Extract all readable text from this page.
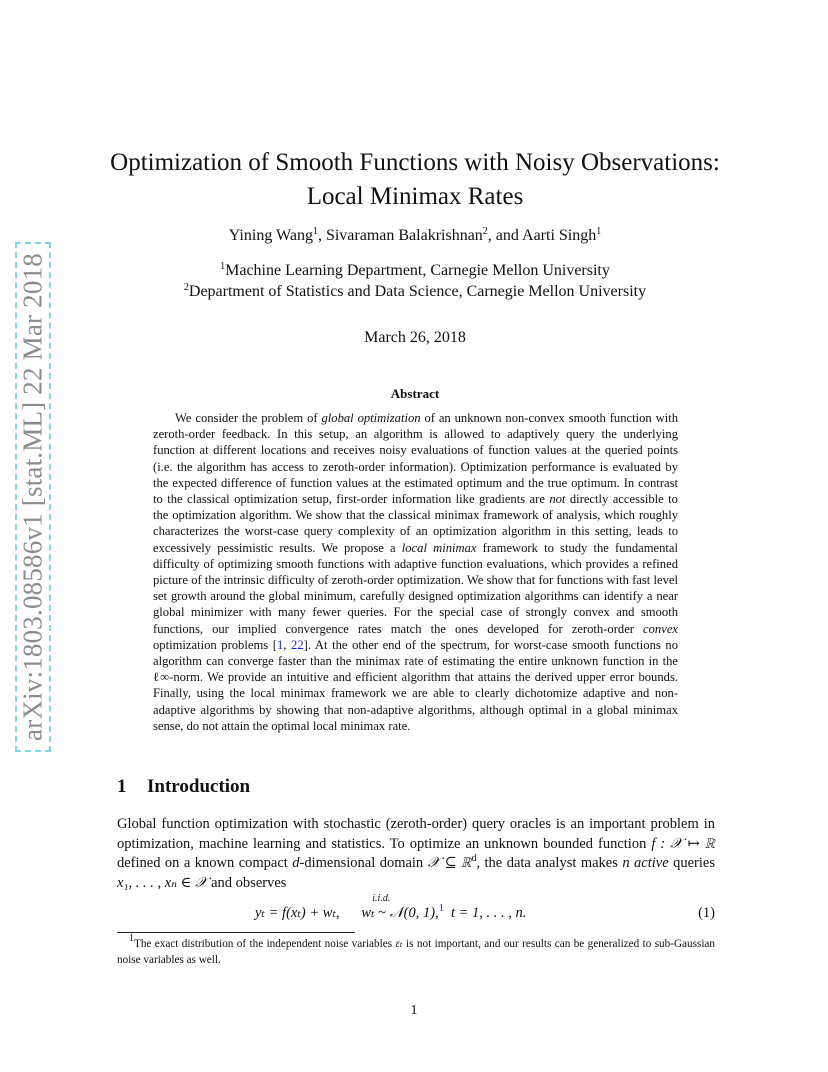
arXiv:1803.08586v1 [stat.ML] 22 Mar 2018
Optimization of Smooth Functions with Noisy Observations:
Local Minimax Rates
Yining Wang$^1$, Sivaraman Balakrishnan$^2$, and Aarti Singh$^1$
$^1$Machine Learning Department, Carnegie Mellon University
$^2$Department of Statistics and Data Science, Carnegie Mellon University
March 26, 2018
Abstract

We consider the problem of global optimization of an unknown non-convex smooth function with zeroth-order feedback. In this setup, an algorithm is allowed to adaptively query the underlying function at different locations and receives noisy evaluations of function values at the queried points (i.e. the algorithm has access to zeroth-order information). Optimization performance is evaluated by the expected difference of function values at the estimated optimum and the true optimum. In contrast to the classical optimization setup, first-order information like gradients are not directly accessible to the optimization algorithm. We show that the classical minimax framework of analysis, which roughly characterizes the worst-case query complexity of an optimization algorithm in this setting, leads to excessively pessimistic results. We propose a local minimax framework to study the fundamental difficulty of optimizing smooth functions with adaptive function evaluations, which provides a refined picture of the intrinsic difficulty of zeroth-order optimization. We show that for functions with fast level set growth around the global minimum, carefully designed optimization algorithms can identify a near global minimizer with many fewer queries. For the special case of strongly convex and smooth functions, our implied convergence rates match the ones developed for zeroth-order convex optimization problems [1, 22]. At the other end of the spectrum, for worst-case smooth functions no algorithm can converge faster than the minimax rate of estimating the entire unknown function in the ℓ∞-norm. We provide an intuitive and efficient algorithm that attains the derived upper error bounds. Finally, using the local minimax framework we are able to clearly dichotomize adaptive and non-adaptive algorithms by showing that non-adaptive algorithms, although optimal in a global minimax sense, do not attain the optimal local minimax rate.

1 Introduction

Global function optimization with stochastic (zeroth-order) query oracles is an important problem in optimization, machine learning and statistics. To optimize an unknown bounded function f : 𝒳 ↦ ℝ defined on a known compact d-dimensional domain 𝒳 ⊆ ℝ$^d$, the data analyst makes n active queries x₁, . . . , xₙ ∈ 𝒳 and observes

yₜ = f(xₜ) + wₜ, wₜ ~
i.i.d.
𝒩(0, 1),$^1$ t = 1, . . . , n.	(1)

$^1$The exact distribution of the independent noise variables εₜ is not important, and our results can be generalized to sub-Gaussian noise variables as well.

1
